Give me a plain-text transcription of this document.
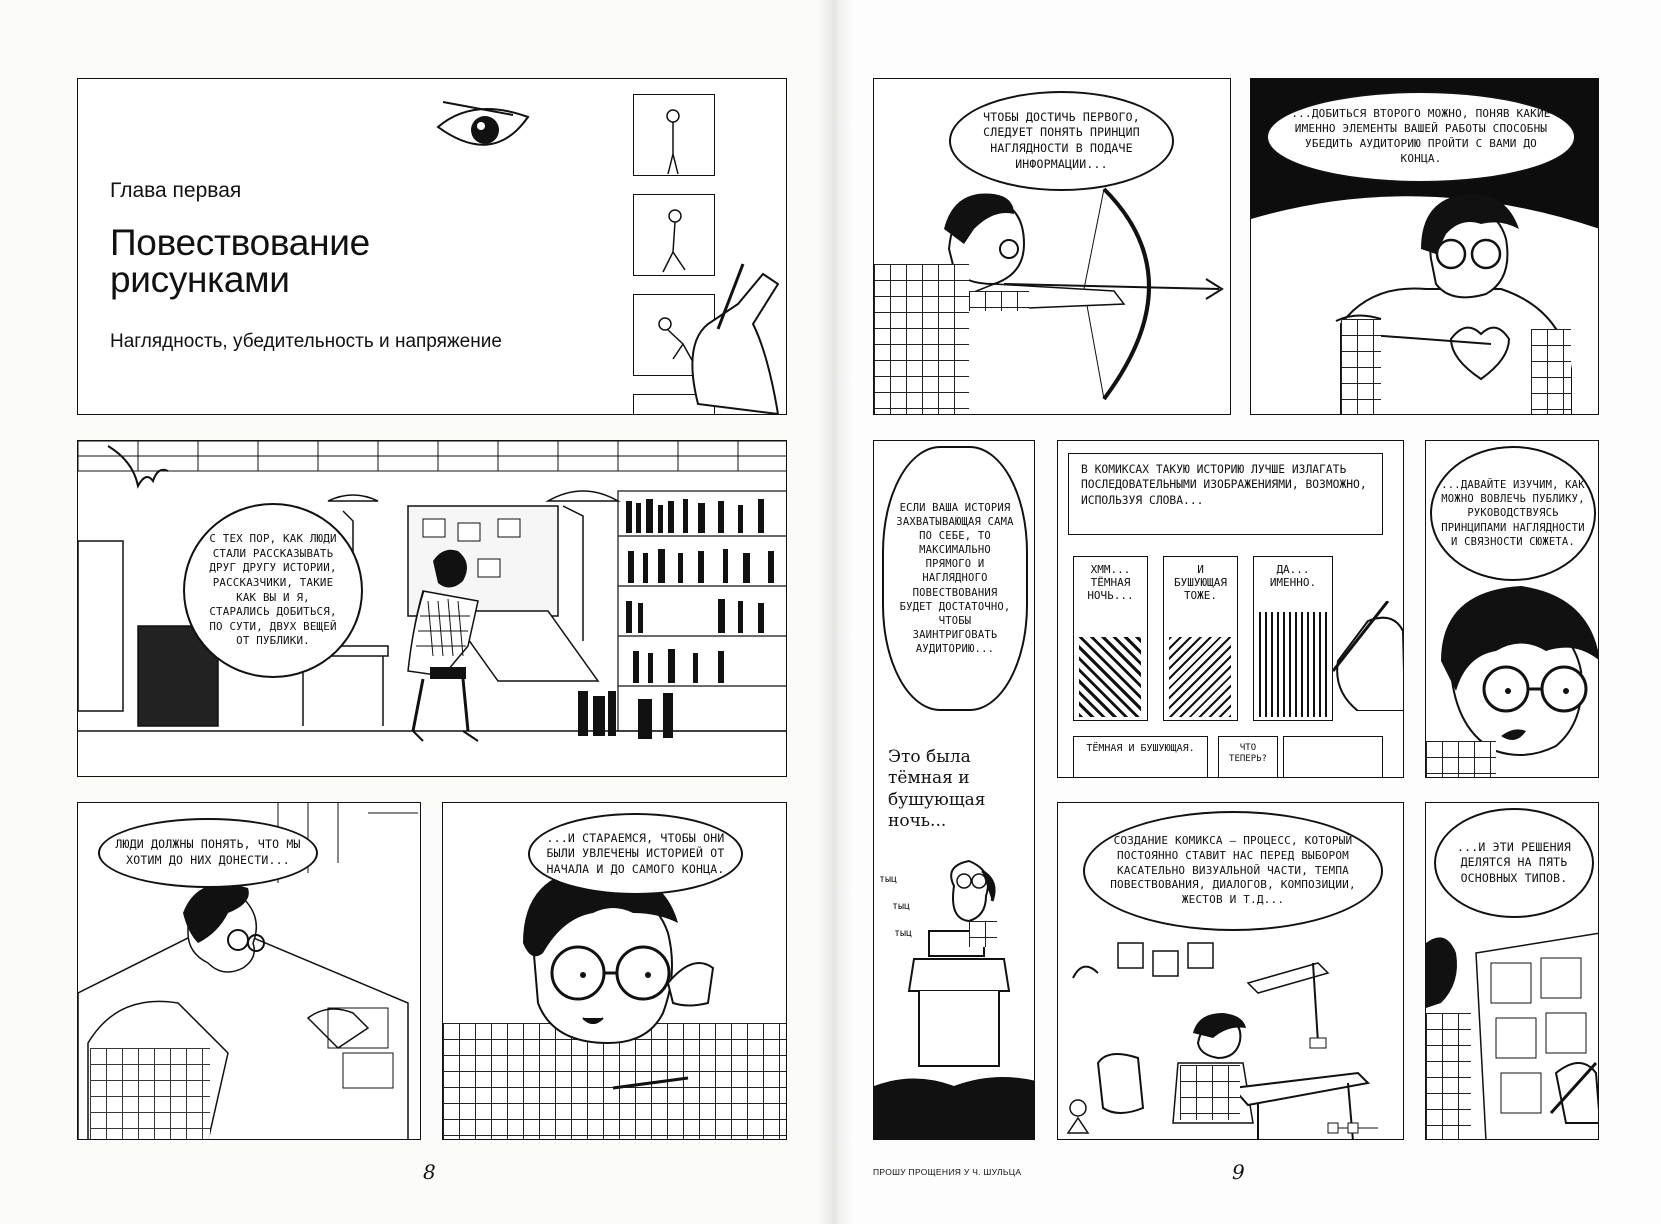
Глава первая
Повествование
рисунками
Наглядность, убедительность и напряжение
С ТЕХ ПОР, КАК ЛЮДИ СТАЛИ РАССКАЗЫВАТЬ ДРУГ ДРУГУ ИСТОРИИ, РАССКАЗЧИКИ, ТАКИЕ КАК ВЫ И Я, СТАРАЛИСЬ ДОБИТЬСЯ, ПО СУТИ, ДВУХ ВЕЩЕЙ ОТ ПУБЛИКИ.
ЛЮДИ ДОЛЖНЫ ПОНЯТЬ, ЧТО МЫ ХОТИМ ДО НИХ ДОНЕСТИ...
...И СТАРАЕМСЯ, ЧТОБЫ ОНИ БЫЛИ УВЛЕЧЕНЫ ИСТОРИЕЙ ОТ НАЧАЛА И ДО САМОГО КОНЦА.
8
ЧТОБЫ ДОСТИЧЬ ПЕРВОГО, СЛЕДУЕТ ПОНЯТЬ ПРИНЦИП НАГЛЯДНОСТИ В ПОДАЧЕ ИНФОРМАЦИИ...
...ДОБИТЬСЯ ВТОРОГО МОЖНО, ПОНЯВ КАКИЕ ИМЕННО ЭЛЕМЕНТЫ ВАШЕЙ РАБОТЫ СПОСОБНЫ УБЕДИТЬ АУДИТОРИЮ ПРОЙТИ С ВАМИ ДО КОНЦА.
ЕСЛИ ВАША ИСТОРИЯ ЗАХВАТЫВАЮЩАЯ САМА ПО СЕБЕ, ТО МАКСИМАЛЬНО ПРЯМОГО И НАГЛЯДНОГО ПОВЕСТВОВАНИЯ БУДЕТ ДОСТАТОЧНО, ЧТОБЫ ЗАИНТРИГОВАТЬ АУДИТОРИЮ...
Это была
тёмная и
бушующая
ночь...
тыц
тыц
тыц
В КОМИКСАХ ТАКУЮ ИСТОРИЮ ЛУЧШЕ ИЗЛАГАТЬ ПОСЛЕДОВАТЕЛЬНЫМИ ИЗОБРАЖЕНИЯМИ, ВОЗМОЖНО, ИСПОЛЬЗУЯ СЛОВА...
ХММ...
ТЁМНАЯ
НОЧЬ...
И
БУШУЮЩАЯ
ТОЖЕ.
ДА...
ИМЕННО.
ТЁМНАЯ И БУШУЮЩАЯ.	ЧТО ТЕПЕРЬ?
...ДАВАЙТЕ ИЗУЧИМ, КАК МОЖНО ВОВЛЕЧЬ ПУБЛИКУ, РУКОВОДСТВУЯСЬ ПРИНЦИПАМИ НАГЛЯДНОСТИ И СВЯЗНОСТИ СЮЖЕТА.
СОЗДАНИЕ КОМИКСА – ПРОЦЕСС, КОТОРЫЙ ПОСТОЯННО СТАВИТ НАС ПЕРЕД ВЫБОРОМ КАСАТЕЛЬНО ВИЗУАЛЬНОЙ ЧАСТИ, ТЕМПА ПОВЕСТВОВАНИЯ, ДИАЛОГОВ, КОМПОЗИЦИИ, ЖЕСТОВ И Т.Д...
...И ЭТИ РЕШЕНИЯ ДЕЛЯТСЯ НА ПЯТЬ ОСНОВНЫХ ТИПОВ.
ПРОШУ ПРОЩЕНИЯ У Ч. ШУЛЬЦА	9
